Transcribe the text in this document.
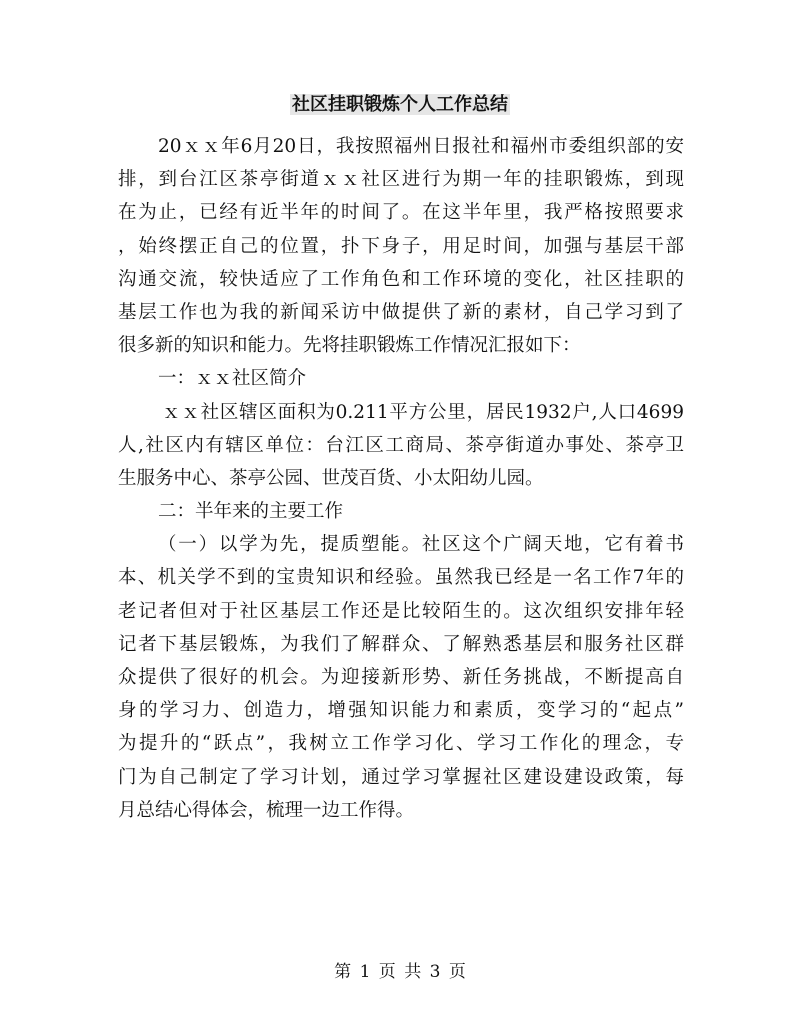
社区挂职锻炼个人工作总结
20ｘｘ年6月20日，我按照福州日报社和福州市委组织部的安
排，到台江区茶亭街道ｘｘ社区进行为期一年的挂职锻炼，到现
在为止，已经有近半年的时间了。在这半年里，我严格按照要求
，始终摆正自己的位置，扑下身子，用足时间，加强与基层干部
沟通交流，较快适应了工作角色和工作环境的变化，社区挂职的
基层工作也为我的新闻采访中做提供了新的素材，自己学习到了
很多新的知识和能力。先将挂职锻炼工作情况汇报如下：
一：ｘｘ社区简介
ｘｘ社区辖区面积为0.211平方公里，居民1932户,人口4699
人,社区内有辖区单位：台江区工商局、茶亭街道办事处、茶亭卫
生服务中心、茶亭公园、世茂百货、小太阳幼儿园。
二：半年来的主要工作
（一）以学为先，提质塑能。社区这个广阔天地，它有着书
本、机关学不到的宝贵知识和经验。虽然我已经是一名工作7年的
老记者但对于社区基层工作还是比较陌生的。这次组织安排年轻
记者下基层锻炼，为我们了解群众、了解熟悉基层和服务社区群
众提供了很好的机会。为迎接新形势、新任务挑战，不断提高自
身的学习力、创造力，增强知识能力和素质，变学习的“起点”
为提升的“跃点”，我树立工作学习化、学习工作化的理念，专
门为自己制定了学习计划，通过学习掌握社区建设建设政策，每
月总结心得体会，梳理一边工作得。
第 1 页 共 3 页
